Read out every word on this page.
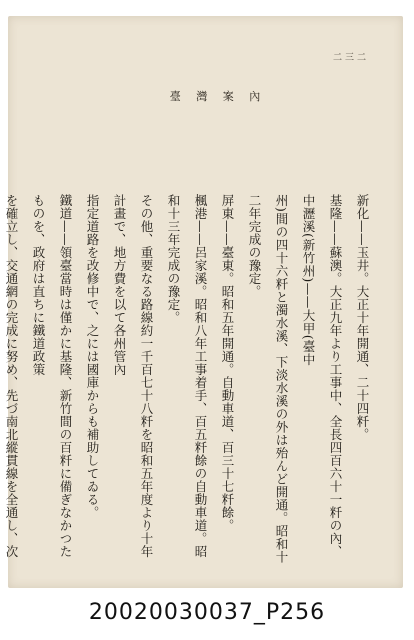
二三二
臺 灣 案 內

新化——玉井。大正十年開通、二十四粁。

基隆——蘇澳。大正九年より工事中、全長四百六十一粁の內、中瀝溪(新竹州)——大甲(臺中

州)間の四十六粁と濁水溪、下淡水溪の外は殆んど開通。昭和十二年完成の豫定。

屏東——臺東。昭和五年開通。自動車道、百三十七粁餘。

楓港——呂家溪。昭和八年工事着手、百五粁餘の自動車道。昭和十三年完成の豫定。

その他、重要なる路線約一千百七十八粁を昭和五年度より十年計畫で、地方費を以て各州管內

指定道路を改修中で、之には國庫からも補助してゐる。

鐵道——領臺當時は僅かに基隆、新竹間の百粁に備ぎなかつたものを、政府は直ちに鐵道政策

を確立し、交通網の完成に努め、先づ南北縱貫線を全通し、次

20020030037_P256
